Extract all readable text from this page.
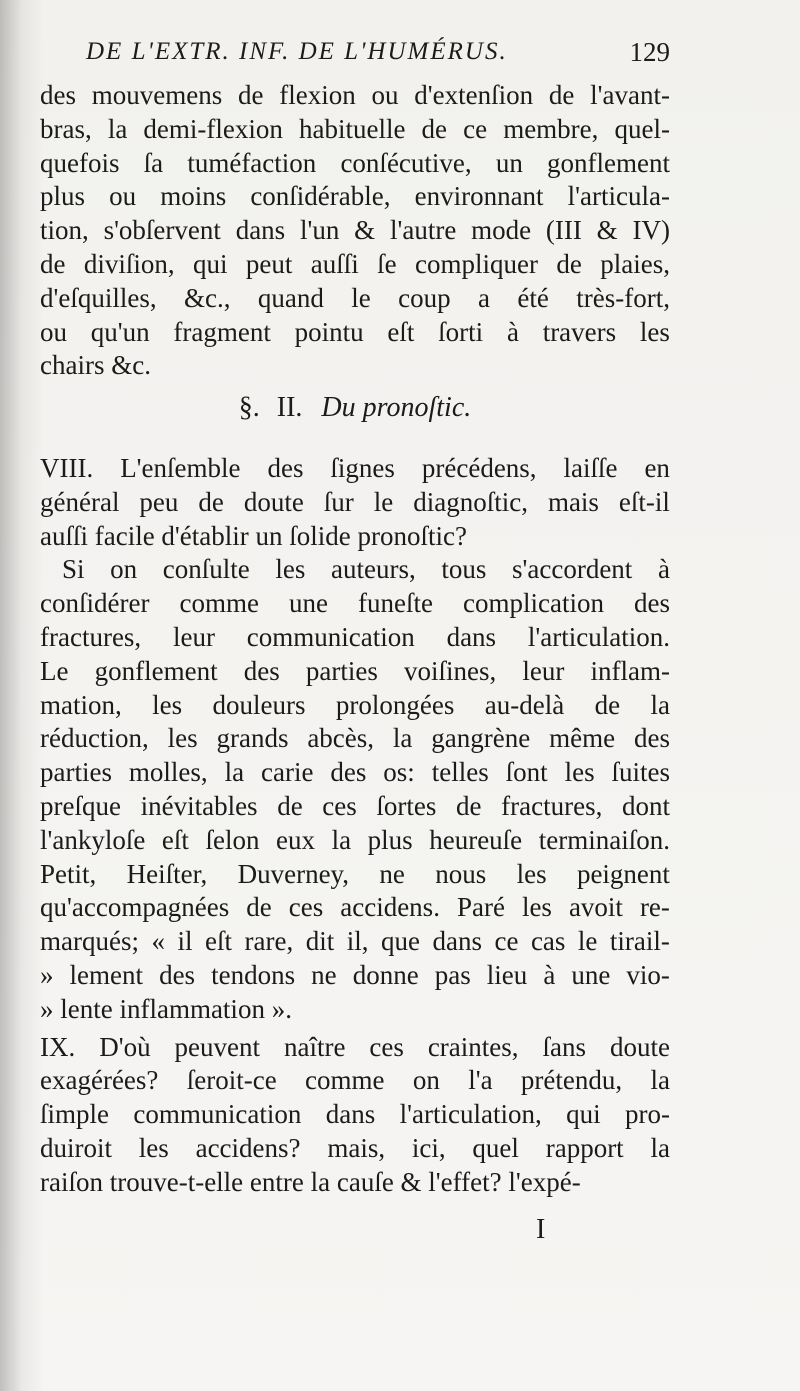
DE L'EXTR. INF. DE L'HUMÉRUS.	129
des mouvemens de flexion ou d'extenſion de l'avant-
bras, la demi-flexion habituelle de ce membre, quel-
quefois ſa tuméfaction conſécutive, un gonflement
plus ou moins conſidérable, environnant l'articula-
tion, s'obſervent dans l'un & l'autre mode (III & IV)
de diviſion, qui peut auſſi ſe compliquer de plaies,
d'eſquilles, &c., quand le coup a été très-fort,
ou qu'un fragment pointu eſt ſorti à travers les
chairs &c.
§. II. Du pronoſtic.
VIII. L'enſemble des ſignes précédens, laiſſe en
général peu de doute ſur le diagnoſtic, mais eſt-il
auſſi facile d'établir un ſolide pronoſtic?
Si on conſulte les auteurs, tous s'accordent à
conſidérer comme une funeſte complication des
fractures, leur communication dans l'articulation.
Le gonflement des parties voiſines, leur inflam-
mation, les douleurs prolongées au-delà de la
réduction, les grands abcès, la gangrène même des
parties molles, la carie des os: telles ſont les ſuites
preſque inévitables de ces ſortes de fractures, dont
l'ankyloſe eſt ſelon eux la plus heureuſe terminaiſon.
Petit, Heiſter, Duverney, ne nous les peignent
qu'accompagnées de ces accidens. Paré les avoit re-
marqués; « il eſt rare, dit il, que dans ce cas le tirail-
» lement des tendons ne donne pas lieu à une vio-
» lente inflammation ».
IX. D'où peuvent naître ces craintes, ſans doute
exagérées? ſeroit-ce comme on l'a prétendu, la
ſimple communication dans l'articulation, qui pro-
duiroit les accidens? mais, ici, quel rapport la
raiſon trouve-t-elle entre la cauſe & l'effet? l'expé-
I
